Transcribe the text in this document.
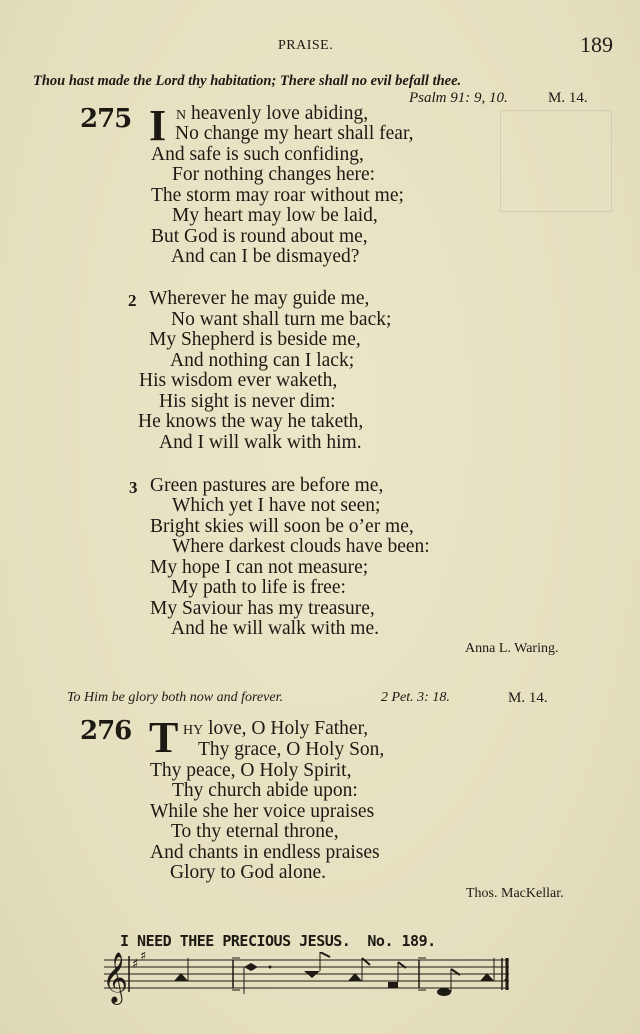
PRAISE.	189
Thou hast made the Lord thy habitation; There shall no evil befall thee.
Psalm 91: 9, 10.	M. 14.
275 I N heavenly love abiding,
No change my heart shall fear,
And safe is such confiding,
For nothing changes here:
The storm may roar without me;
My heart may low be laid,
But God is round about me,
And can I be dismayed?
2 Wherever he may guide me,
No want shall turn me back;
My Shepherd is beside me,
And nothing can I lack;
His wisdom ever waketh,
His sight is never dim:
He knows the way he taketh,
And I will walk with him.
3 Green pastures are before me,
Which yet I have not seen;
Bright skies will soon be o’er me,
Where darkest clouds have been:
My hope I can not measure;
My path to life is free:
My Saviour has my treasure,
And he will walk with me.
Anna L. Waring.
To Him be glory both now and forever.	2 Pet. 3: 18.	M. 14.
276 T HY love, O Holy Father,
Thy grace, O Holy Son,
Thy peace, O Holy Spirit,
Thy church abide upon:
While she her voice upraises
To thy eternal throne,
And chants in endless praises
Glory to God alone.
Thos. MacKellar.
I NEED THEE PRECIOUS JESUS. No. 189.
𝄞 ♯
♯
